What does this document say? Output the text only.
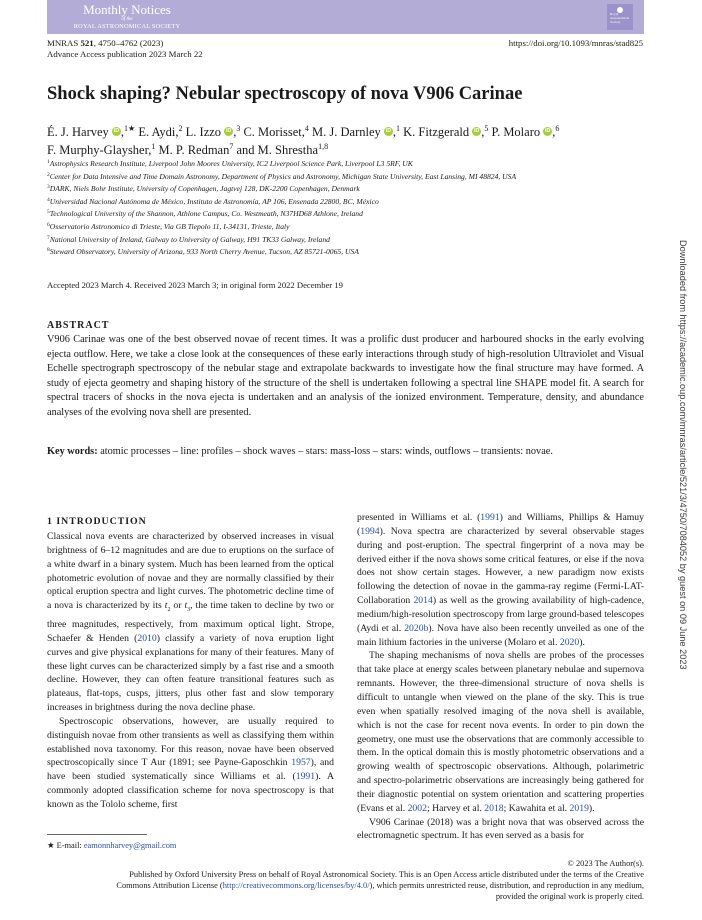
Monthly Notices
of the
ROYAL ASTRONOMICAL SOCIETY
Royal Astronomical Society
MNRAS 521, 4750–4762 (2023)
Advance Access publication 2023 March 22
https://doi.org/10.1093/mnras/stad825
Shock shaping? Nebular spectroscopy of nova V906 Carinae
É. J. Harvey iD ,$^{1★}$ E. Aydi,$^2$ L. Izzo iD ,$^3$ C. Morisset,$^4$ M. J. Darnley iD ,$^1$ K. Fitzgerald iD ,$^5$ P. Molaro iD ,$^6$
F. Murphy-Glaysher,$^1$ M. P. Redman$^7$ and M. Shrestha$^{1,8}$
$^1$Astrophysics Research Institute, Liverpool John Moores University, IC2 Liverpool Science Park, Liverpool L3 5RF, UK
$^2$Center for Data Intensive and Time Domain Astronomy, Department of Physics and Astronomy, Michigan State University, East Lansing, MI 48824, USA
$^3$DARK, Niels Bohr Institute, University of Copenhagen, Jagtvej 128, DK-2200 Copenhagen, Denmark
$^4$Universidad Nacional Autónoma de México, Instituto de Astronomía, AP 106, Ensenada 22800, BC, México
$^5$Technological University of the Shannon, Athlone Campus, Co. Westmeath, N37HD68 Athlone, Ireland
$^6$Osservatorio Astronomico di Trieste, Via GB Tiepolo 11, I-34131, Trieste, Italy
$^7$National University of Ireland, Galway to University of Galway, H91 TK33 Galway, Ireland
$^8$Steward Observatory, University of Arizona, 933 North Cherry Avenue, Tucson, AZ 85721-0065, USA
Accepted 2023 March 4. Received 2023 March 3; in original form 2022 December 19
ABSTRACT
V906 Carinae was one of the best observed novae of recent times. It was a prolific dust producer and harboured shocks in the early evolving ejecta outflow. Here, we take a close look at the consequences of these early interactions through study of high-resolution Ultraviolet and Visual Echelle spectrograph spectroscopy of the nebular stage and extrapolate backwards to investigate how the final structure may have formed. A study of ejecta geometry and shaping history of the structure of the shell is undertaken following a spectral line SHAPE model fit. A search for spectral tracers of shocks in the nova ejecta is undertaken and an analysis of the ionized environment. Temperature, density, and abundance analyses of the evolving nova shell are presented.
Key words: atomic processes – line: profiles – shock waves – stars: mass-loss – stars: winds, outflows – transients: novae.
1 INTRODUCTION

Classical nova events are characterized by observed increases in visual brightness of 6–12 magnitudes and are due to eruptions on the surface of a white dwarf in a binary system. Much has been learned from the optical photometric evolution of novae and they are normally classified by their optical eruption spectra and light curves. The photometric decline time of a nova is characterized by its $t_2$ or $t_3$, the time taken to decline by two or three magnitudes, respectively, from maximum optical light. Strope, Schaefer & Henden (2010) classify a variety of nova eruption light curves and give physical explanations for many of their features. Many of these light curves can be characterized simply by a fast rise and a smooth decline. However, they can often feature transitional features such as plateaus, flat-tops, cusps, jitters, plus other fast and slow temporary increases in brightness during the nova decline phase.

Spectroscopic observations, however, are usually required to distinguish novae from other transients as well as classifying them within established nova taxonomy. For this reason, novae have been observed spectroscopically since T Aur (1891; see Payne-Gaposchkin 1957), and have been studied systematically since Williams et al. (1991). A commonly adopted classification scheme for nova spectroscopy is that known as the Tololo scheme, first

presented in Williams et al. (1991) and Williams, Phillips & Hamuy (1994). Nova spectra are characterized by several observable stages during and post-eruption. The spectral fingerprint of a nova may be derived either if the nova shows some critical features, or else if the nova does not show certain stages. However, a new paradigm now exists following the detection of novae in the gamma-ray regime (Fermi-LAT-Collaboration 2014) as well as the growing availability of high-cadence, medium/high-resolution spectroscopy from large ground-based telescopes (Aydi et al. 2020b). Nova have also been recently unveiled as one of the main lithium factories in the universe (Molaro et al. 2020).

The shaping mechanisms of nova shells are probes of the processes that take place at energy scales between planetary nebulae and supernova remnants. However, the three-dimensional structure of nova shells is difficult to untangle when viewed on the plane of the sky. This is true even when spatially resolved imaging of the nova shell is available, which is not the case for recent nova events. In order to pin down the geometry, one must use the observations that are commonly accessible to them. In the optical domain this is mostly photometric observations and a growing wealth of spectroscopic observations. Although, polarimetric and spectro-polarimetric observations are increasingly being gathered for their diagnostic potential on system orientation and scattering properties (Evans et al. 2002; Harvey et al. 2018; Kawahita et al. 2019).

V906 Carinae (2018) was a bright nova that was observed across the electromagnetic spectrum. It has even served as a basis for

★ E-mail: eamonnharvey@gmail.com
© 2023 The Author(s).
Published by Oxford University Press on behalf of Royal Astronomical Society. This is an Open Access article distributed under the terms of the Creative
Commons Attribution License (http://creativecommons.org/licenses/by/4.0/), which permits unrestricted reuse, distribution, and reproduction in any medium,
provided the original work is properly cited.
Downloaded from https://academic.oup.com/mnras/article/521/3/4750/7084052 by guest on 09 June 2023
